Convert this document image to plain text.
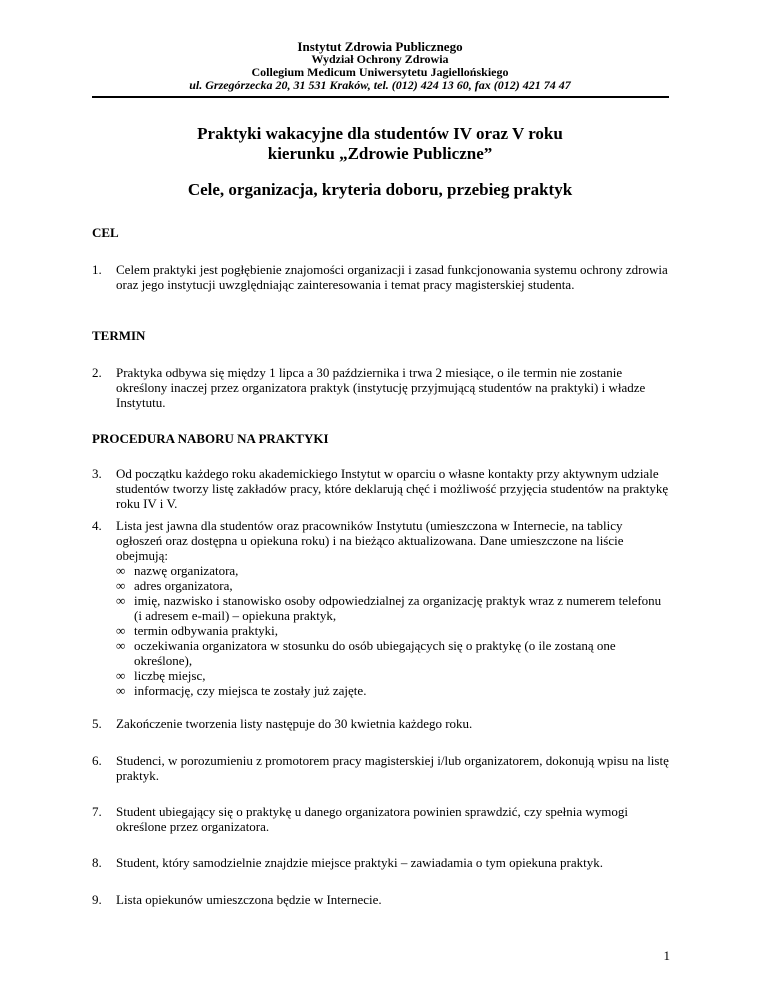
Instytut Zdrowia Publicznego
Wydział Ochrony Zdrowia
Collegium Medicum Uniwersytetu Jagiellońskiego
ul. Grzegórzecka 20, 31 531 Kraków, tel. (012) 424 13 60, fax (012) 421 74 47
Praktyki wakacyjne dla studentów IV oraz V roku
kierunku „Zdrowie Publiczne”
Cele, organizacja, kryteria doboru, przebieg praktyk
CEL
1. Celem praktyki jest pogłębienie znajomości organizacji i zasad funkcjonowania systemu ochrony zdrowia oraz jego instytucji uwzględniając zainteresowania i temat pracy magisterskiej studenta.
TERMIN
2. Praktyka odbywa się między 1 lipca a 30 października i trwa 2 miesiące, o ile termin nie zostanie określony inaczej przez organizatora praktyk (instytucję przyjmującą studentów na praktyki) i władze Instytutu.
PROCEDURA NABORU NA PRAKTYKI
3. Od początku każdego roku akademickiego Instytut w oparciu o własne kontakty przy aktywnym udziale studentów tworzy listę zakładów pracy, które deklarują chęć i możliwość przyjęcia studentów na praktykę roku IV i V.
4. Lista jest jawna dla studentów oraz pracowników Instytutu (umieszczona w Internecie, na tablicy ogłoszeń oraz dostępna u opiekuna roku) i na bieżąco aktualizowana. Dane umieszczone na liście obejmują:
∞ nazwę organizatora,
∞ adres organizatora,
∞ imię, nazwisko i stanowisko osoby odpowiedzialnej za organizację praktyk wraz z numerem telefonu (i adresem e-mail) – opiekuna praktyk,
∞ termin odbywania praktyki,
∞ oczekiwania organizatora w stosunku do osób ubiegających się o praktykę (o ile zostaną one określone),
∞ liczbę miejsc,
∞ informację, czy miejsca te zostały już zajęte.
5. Zakończenie tworzenia listy następuje do 30 kwietnia każdego roku.
6. Studenci, w porozumieniu z promotorem pracy magisterskiej i/lub organizatorem, dokonują wpisu na listę praktyk.
7. Student ubiegający się o praktykę u danego organizatora powinien sprawdzić, czy spełnia wymogi określone przez organizatora.
8. Student, który samodzielnie znajdzie miejsce praktyki – zawiadamia o tym opiekuna praktyk.
9. Lista opiekunów umieszczona będzie w Internecie.
1
